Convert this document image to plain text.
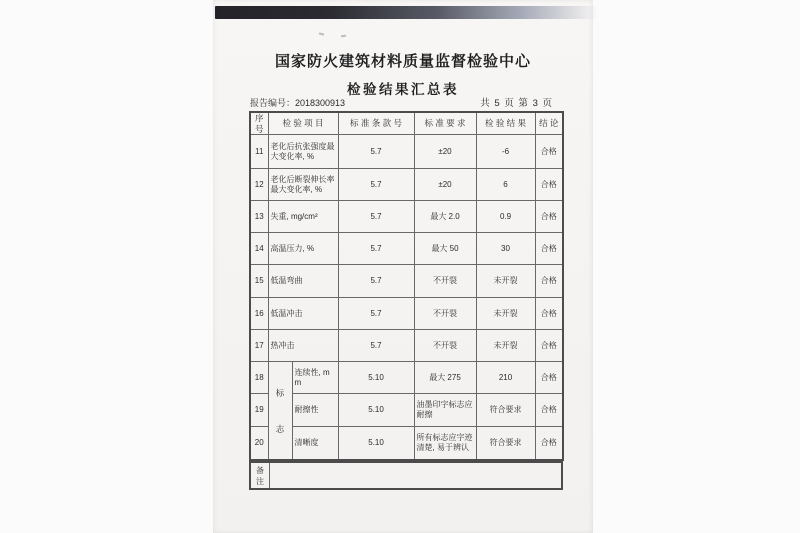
国家防火建筑材料质量监督检验中心
检验结果汇总表
报告编号：2018300913	共 5 页 第 3 页
序号	检 验 项 目		标 准 条 款 号	标 准 要 求	检 验 结 果	结 论
11	老化后抗张强度最大变化率, %		5.7	±20	-6	合格
12	老化后断裂伸长率最大变化率, %		5.7	±20	6	合格
13	失重, mg/cm²		5.7	最大 2.0	0.9	合格
14	高温压力, %		5.7	最大 50	30	合格
15	低温弯曲		5.7	不开裂	未开裂	合格
16	低温冲击		5.7	不开裂	未开裂	合格
17	热冲击		5.7	不开裂	未开裂	合格
18	标志	连续性, mm	5.10	最大 275	210	合格
19		耐擦性	5.10	油墨印字标志应耐擦	符合要求	合格
20		清晰度	5.10	所有标志应字迹清楚, 易于辨认	符合要求	合格
备注
